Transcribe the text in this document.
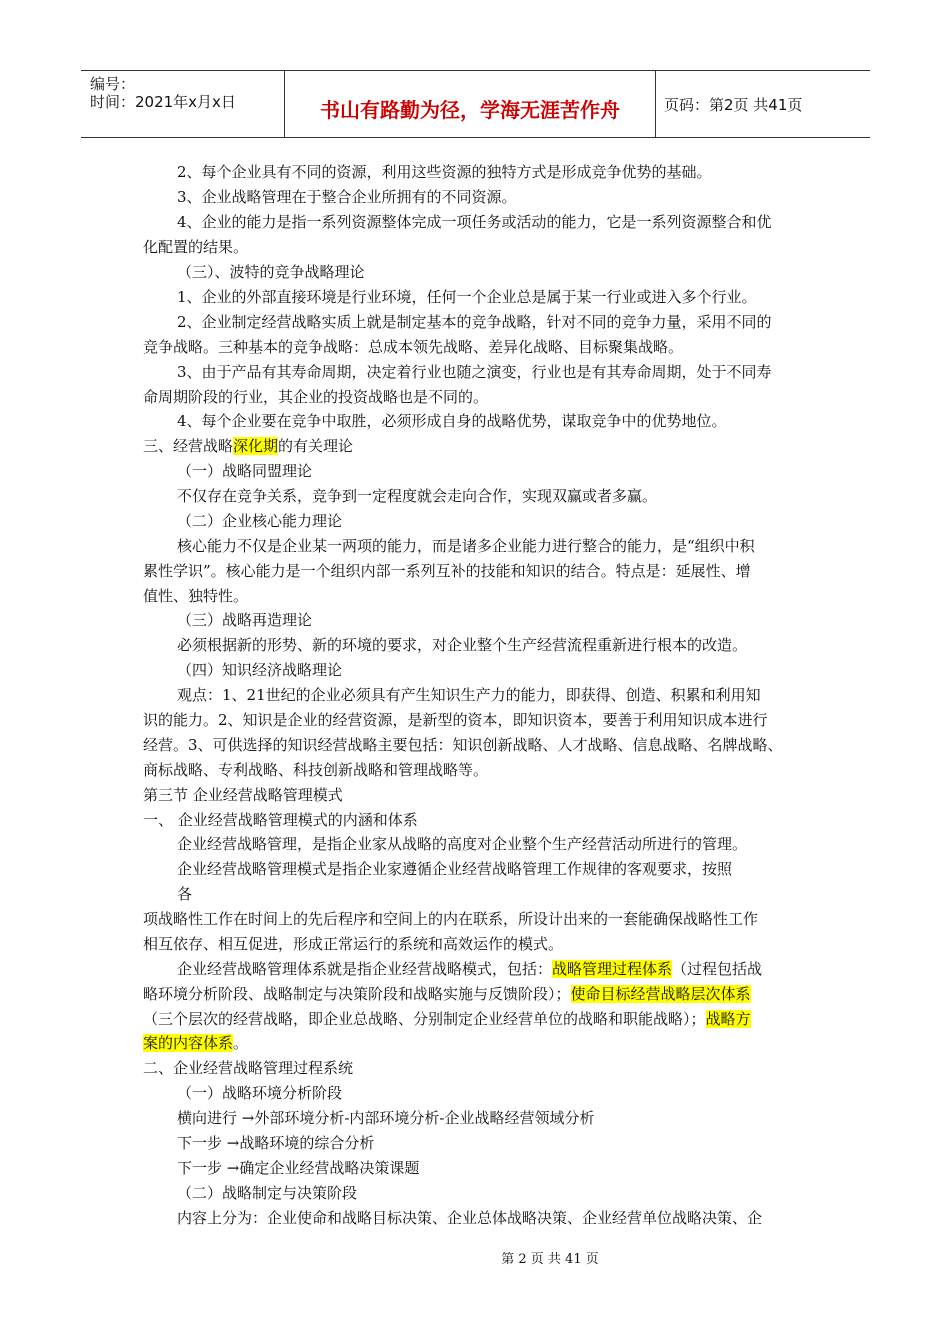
编号：
时间：2021年x月x日	书山有路勤为径，学海无涯苦作舟	页码：第2页 共41页
2、每个企业具有不同的资源，利用这些资源的独特方式是形成竞争优势的基础。
3、企业战略管理在于整合企业所拥有的不同资源。
4、企业的能力是指一系列资源整体完成一项任务或活动的能力，它是一系列资源整合和优
化配置的结果。
（三）、波特的竞争战略理论
1、企业的外部直接环境是行业环境，任何一个企业总是属于某一行业或进入多个行业。
2、企业制定经营战略实质上就是制定基本的竞争战略，针对不同的竞争力量，采用不同的
竞争战略。三种基本的竞争战略：总成本领先战略、差异化战略、目标聚集战略。
3、由于产品有其寿命周期，决定着行业也随之演变，行业也是有其寿命周期，处于不同寿
命周期阶段的行业，其企业的投资战略也是不同的。
4、每个企业要在竞争中取胜，必须形成自身的战略优势，谋取竞争中的优势地位。
三、经营战略深化期的有关理论
（一）战略同盟理论
不仅存在竞争关系，竞争到一定程度就会走向合作，实现双赢或者多赢。
（二）企业核心能力理论
核心能力不仅是企业某一两项的能力，而是诸多企业能力进行整合的能力，是“组织中积
累性学识”。核心能力是一个组织内部一系列互补的技能和知识的结合。特点是：延展性、增
值性、独特性。
（三）战略再造理论
必须根据新的形势、新的环境的要求，对企业整个生产经营流程重新进行根本的改造。
（四）知识经济战略理论
观点：1、21世纪的企业必须具有产生知识生产力的能力，即获得、创造、积累和利用知
识的能力。2、知识是企业的经营资源，是新型的资本，即知识资本，要善于利用知识成本进行
经营。3、可供选择的知识经营战略主要包括：知识创新战略、人才战略、信息战略、名牌战略、
商标战略、专利战略、科技创新战略和管理战略等。
第三节 企业经营战略管理模式
一、 企业经营战略管理模式的内涵和体系
企业经营战略管理，是指企业家从战略的高度对企业整个生产经营活动所进行的管理。
企业经营战略管理模式是指企业家遵循企业经营战略管理工作规律的客观要求，按照
各
项战略性工作在时间上的先后程序和空间上的内在联系，所设计出来的一套能确保战略性工作
相互依存、相互促进，形成正常运行的系统和高效运作的模式。
企业经营战略管理体系就是指企业经营战略模式，包括：战略管理过程体系（过程包括战
略环境分析阶段、战略制定与决策阶段和战略实施与反馈阶段）；使命目标经营战略层次体系
（三个层次的经营战略，即企业总战略、分别制定企业经营单位的战略和职能战略）；战略方
案的内容体系。
二、企业经营战略管理过程系统
（一）战略环境分析阶段
横向进行 →外部环境分析-内部环境分析-企业战略经营领域分析
下一步 →战略环境的综合分析
下一步 →确定企业经营战略决策课题
（二）战略制定与决策阶段
内容上分为：企业使命和战略目标决策、企业总体战略决策、企业经营单位战略决策、企
第 2 页 共 41 页
